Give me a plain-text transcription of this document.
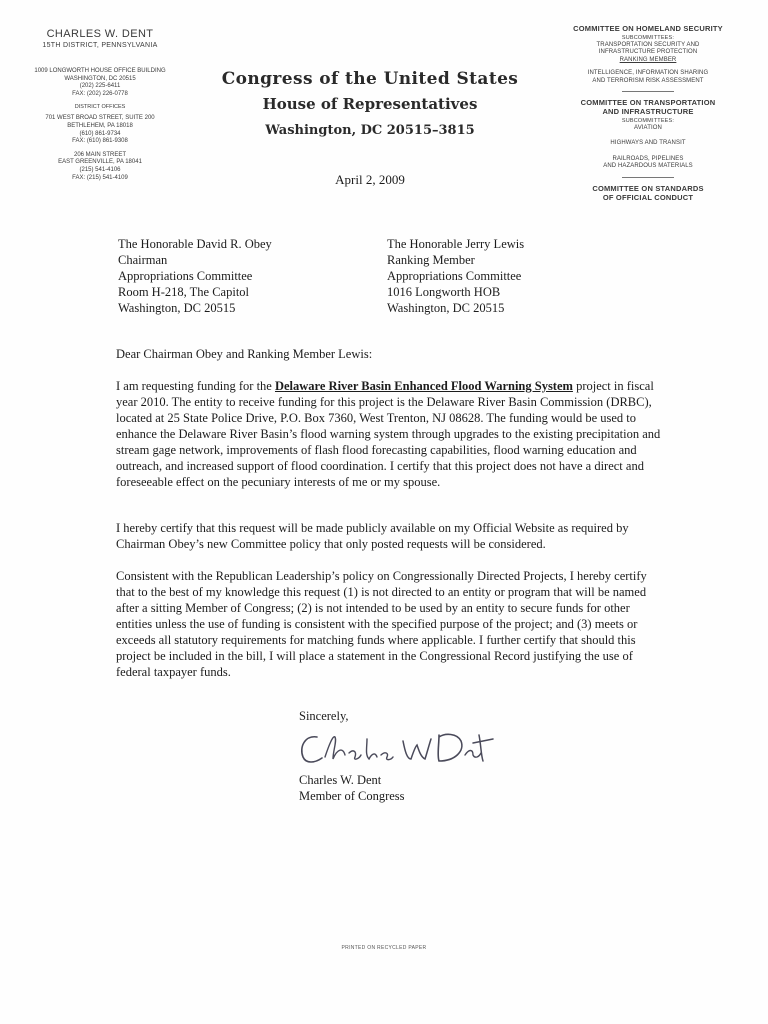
CHARLES W. DENT
15TH DISTRICT, PENNSYLVANIA
1009 LONGWORTH HOUSE OFFICE BUILDING
WASHINGTON, DC 20515
(202) 225-6411
FAX: (202) 226-0778
DISTRICT OFFICES
701 WEST BROAD STREET, SUITE 200
BETHLEHEM, PA 18018
(610) 861-9734
FAX: (610) 861-9308
206 MAIN STREET
EAST GREENVILLE, PA 18041
(215) 541-4106
FAX: (215) 541-4109
Congress of the United States
House of Representatives
Washington, DC 20515–3815
April 2, 2009
COMMITTEE ON HOMELAND SECURITY
SUBCOMMITTEES:
TRANSPORTATION SECURITY AND
INFRASTRUCTURE PROTECTION
RANKING MEMBER
INTELLIGENCE, INFORMATION SHARING
AND TERRORISM RISK ASSESSMENT
COMMITTEE ON TRANSPORTATION
AND INFRASTRUCTURE
SUBCOMMITTEES:
AVIATION
HIGHWAYS AND TRANSIT
RAILROADS, PIPELINES
AND HAZARDOUS MATERIALS
COMMITTEE ON STANDARDS
OF OFFICIAL CONDUCT
The Honorable David R. Obey
Chairman
Appropriations Committee
Room H-218, The Capitol
Washington, DC 20515
The Honorable Jerry Lewis
Ranking Member
Appropriations Committee
1016 Longworth HOB
Washington, DC 20515
Dear Chairman Obey and Ranking Member Lewis:
I am requesting funding for the Delaware River Basin Enhanced Flood Warning System project in fiscal year 2010. The entity to receive funding for this project is the Delaware River Basin Commission (DRBC), located at 25 State Police Drive, P.O. Box 7360, West Trenton, NJ 08628. The funding would be used to enhance the Delaware River Basin’s flood warning system through upgrades to the existing precipitation and stream gage network, improvements of flash flood forecasting capabilities, flood warning education and outreach, and increased support of flood coordination. I certify that this project does not have a direct and foreseeable effect on the pecuniary interests of me or my spouse.
I hereby certify that this request will be made publicly available on my Official Website as required by Chairman Obey’s new Committee policy that only posted requests will be considered.
Consistent with the Republican Leadership’s policy on Congressionally Directed Projects, I hereby certify that to the best of my knowledge this request (1) is not directed to an entity or program that will be named after a sitting Member of Congress; (2) is not intended to be used by an entity to secure funds for other entities unless the use of funding is consistent with the specified purpose of the project; and (3) meets or exceeds all statutory requirements for matching funds where applicable. I further certify that should this project be included in the bill, I will place a statement in the Congressional Record justifying the use of federal taxpayer funds.
Sincerely,
Charles W. Dent
Member of Congress
PRINTED ON RECYCLED PAPER
